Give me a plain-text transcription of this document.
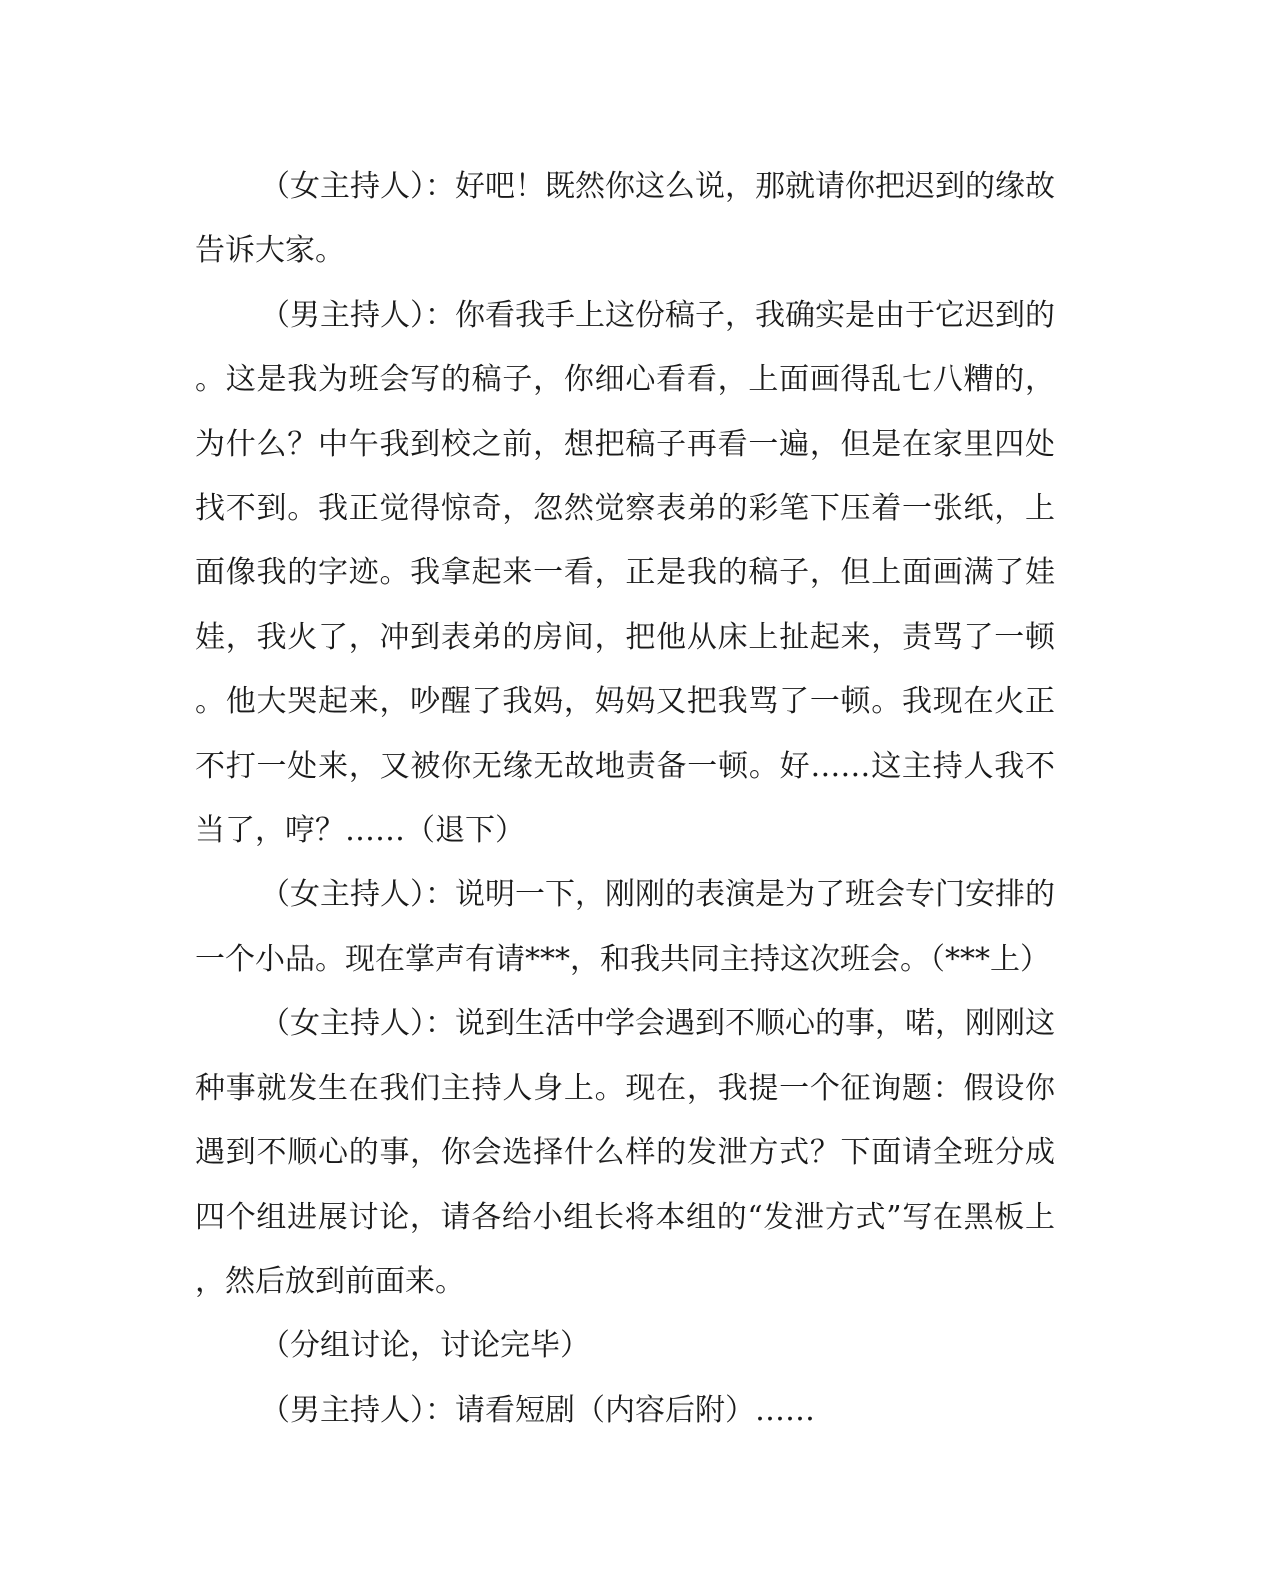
（女主持人）：好吧！既然你这么说，那就请你把迟到的缘故告诉大家。

（男主持人）：你看我手上这份稿子，我确实是由于它迟到的。这是我为班会写的稿子，你细心看看，上面画得乱七八糟的，为什么？中午我到校之前，想把稿子再看一遍，但是在家里四处找不到。我正觉得惊奇，忽然觉察表弟的彩笔下压着一张纸，上面像我的字迹。我拿起来一看，正是我的稿子，但上面画满了娃娃，我火了，冲到表弟的房间，把他从床上扯起来，责骂了一顿。他大哭起来，吵醒了我妈，妈妈又把我骂了一顿。我现在火正不打一处来，又被你无缘无故地责备一顿。好……这主持人我不当了，哼？……（退下）

（女主持人）：说明一下，刚刚的表演是为了班会专门安排的一个小品。现在掌声有请***，和我共同主持这次班会。（***上）

（女主持人）：说到生活中学会遇到不顺心的事，喏，刚刚这种事就发生在我们主持人身上。现在，我提一个征询题：假设你遇到不顺心的事，你会选择什么样的发泄方式？下面请全班分成四个组进展讨论，请各给小组长将本组的“发泄方式”写在黑板上，然后放到前面来。

（分组讨论，讨论完毕）

（男主持人）：请看短剧（内容后附）……
